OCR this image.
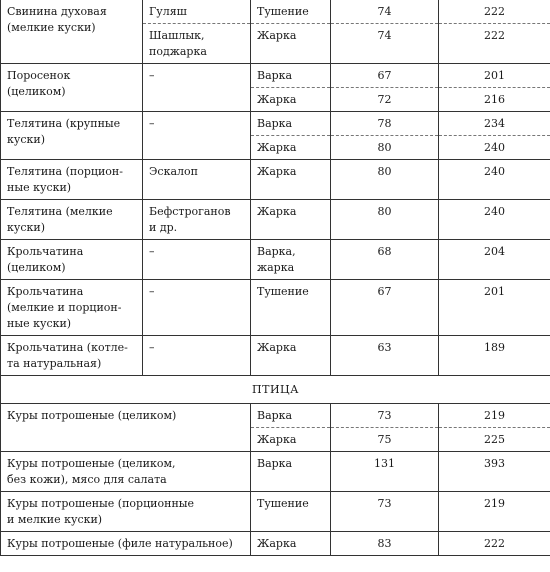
Свинина духовая
(мелкие куски)	Гуляш	Тушение	74	222
	Шашлык,
поджарка	Жарка	74	222
Поросенок
(целиком)	–	Варка	67	201
		Жарка	72	216
Телятина (крупные
куски)	–	Варка	78	234
		Жарка	80	240
Телятина (порцион-
ные куски)	Эскалоп	Жарка	80	240
Телятина (мелкие
куски)	Бефстроганов
и др.	Жарка	80	240
Крольчатина
(целиком)	–	Варка,
жарка	68	204
Крольчатина
(мелкие и порцион-
ные куски)	–	Тушение	67	201
Крольчатина (котле-
та натуральная)	–	Жарка	63	189
ПТИЦА				
Куры потрошеные (целиком)		Варка	73	219
		Жарка	75	225
Куры потрошеные (целиком,
без кожи), мясо для салата		Варка	131	393
Куры потрошеные (порционные
и мелкие куски)		Тушение	73	219
Куры потрошеные (филе натуральное)		Жарка	83	222
